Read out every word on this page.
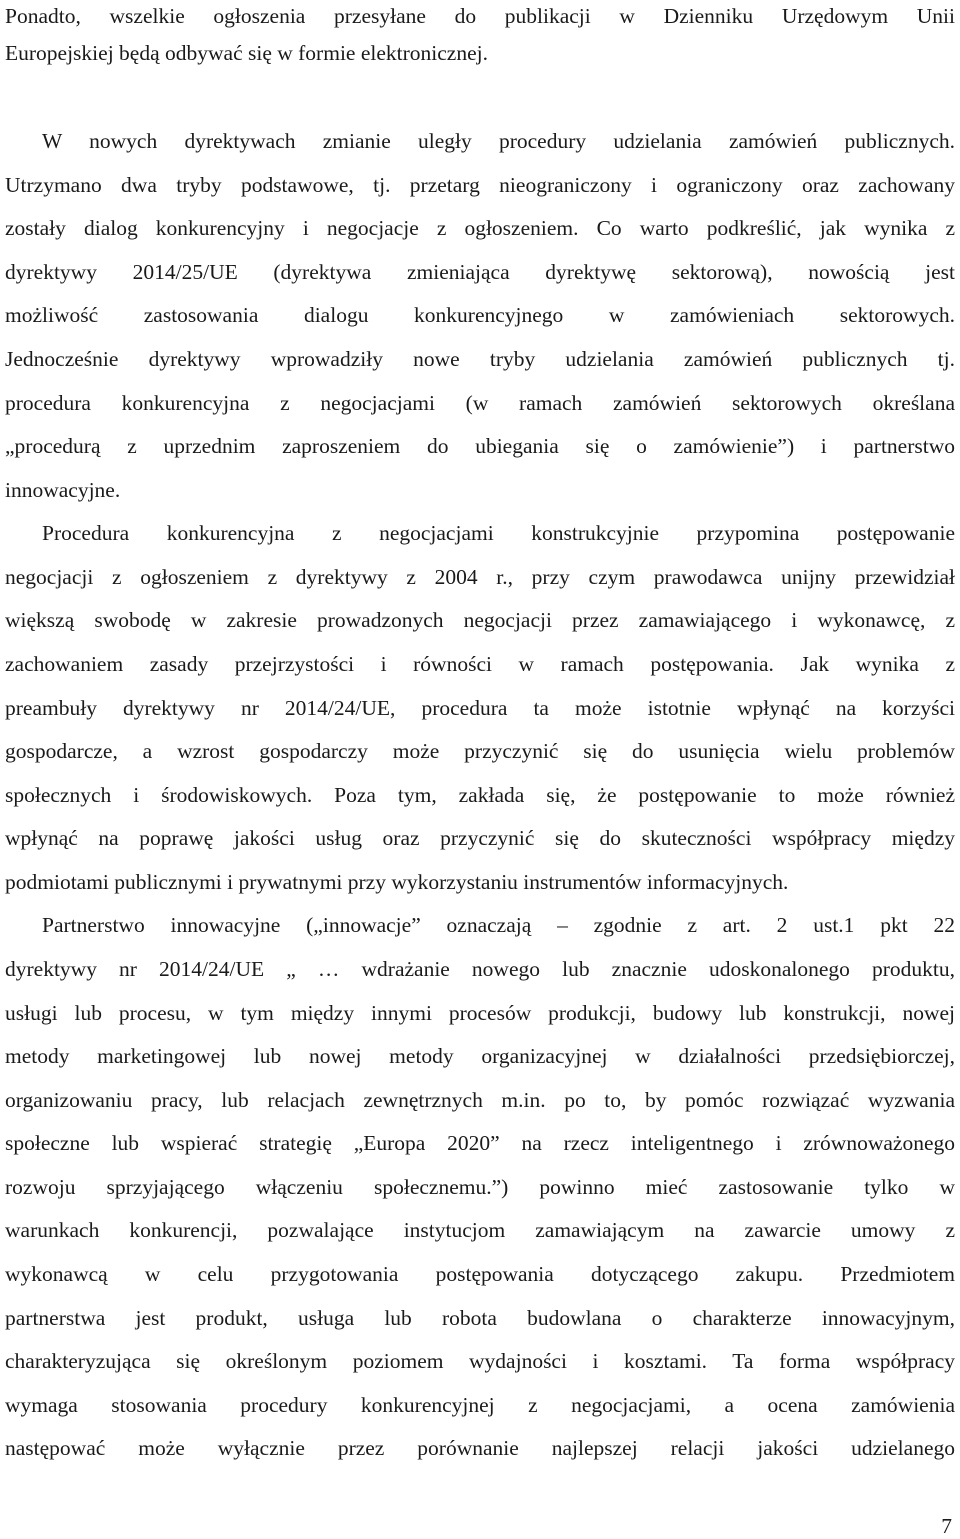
Ponadto, wszelkie ogłoszenia przesyłane do publikacji w Dzienniku Urzędowym Unii
Europejskiej będą odbywać się w formie elektronicznej.
W nowych dyrektywach zmianie uległy procedury udzielania zamówień publicznych.
Utrzymano dwa tryby podstawowe, tj. przetarg nieograniczony i ograniczony oraz zachowany
zostały dialog konkurencyjny i negocjacje z ogłoszeniem. Co warto podkreślić, jak wynika z
dyrektywy 2014/25/UE (dyrektywa zmieniająca dyrektywę sektorową), nowością jest
możliwość zastosowania dialogu konkurencyjnego w zamówieniach sektorowych.
Jednocześnie dyrektywy wprowadziły nowe tryby udzielania zamówień publicznych tj.
procedura konkurencyjna z negocjacjami (w ramach zamówień sektorowych określana
„procedurą z uprzednim zaproszeniem do ubiegania się o zamówienie”) i partnerstwo
innowacyjne.
Procedura konkurencyjna z negocjacjami konstrukcyjnie przypomina postępowanie
negocjacji z ogłoszeniem z dyrektywy z 2004 r., przy czym prawodawca unijny przewidział
większą swobodę w zakresie prowadzonych negocjacji przez zamawiającego i wykonawcę, z
zachowaniem zasady przejrzystości i równości w ramach postępowania. Jak wynika z
preambuły dyrektywy nr 2014/24/UE, procedura ta może istotnie wpłynąć na korzyści
gospodarcze, a wzrost gospodarczy może przyczynić się do usunięcia wielu problemów
społecznych i środowiskowych. Poza tym, zakłada się, że postępowanie to może również
wpłynąć na poprawę jakości usług oraz przyczynić się do skuteczności współpracy między
podmiotami publicznymi i prywatnymi przy wykorzystaniu instrumentów informacyjnych.
Partnerstwo innowacyjne („innowacje” oznaczają – zgodnie z art. 2 ust.1 pkt 22
dyrektywy nr 2014/24/UE „ … wdrażanie nowego lub znacznie udoskonalonego produktu,
usługi lub procesu, w tym między innymi procesów produkcji, budowy lub konstrukcji, nowej
metody marketingowej lub nowej metody organizacyjnej w działalności przedsiębiorczej,
organizowaniu pracy, lub relacjach zewnętrznych m.in. po to, by pomóc rozwiązać wyzwania
społeczne lub wspierać strategię „Europa 2020” na rzecz inteligentnego i zrównoważonego
rozwoju sprzyjającego włączeniu społecznemu.”) powinno mieć zastosowanie tylko w
warunkach konkurencji, pozwalające instytucjom zamawiającym na zawarcie umowy z
wykonawcą w celu przygotowania postępowania dotyczącego zakupu. Przedmiotem
partnerstwa jest produkt, usługa lub robota budowlana o charakterze innowacyjnym,
charakteryzująca się określonym poziomem wydajności i kosztami. Ta forma współpracy
wymaga stosowania procedury konkurencyjnej z negocjacjami, a ocena zamówienia
następować może wyłącznie przez porównanie najlepszej relacji jakości udzielanego
7
